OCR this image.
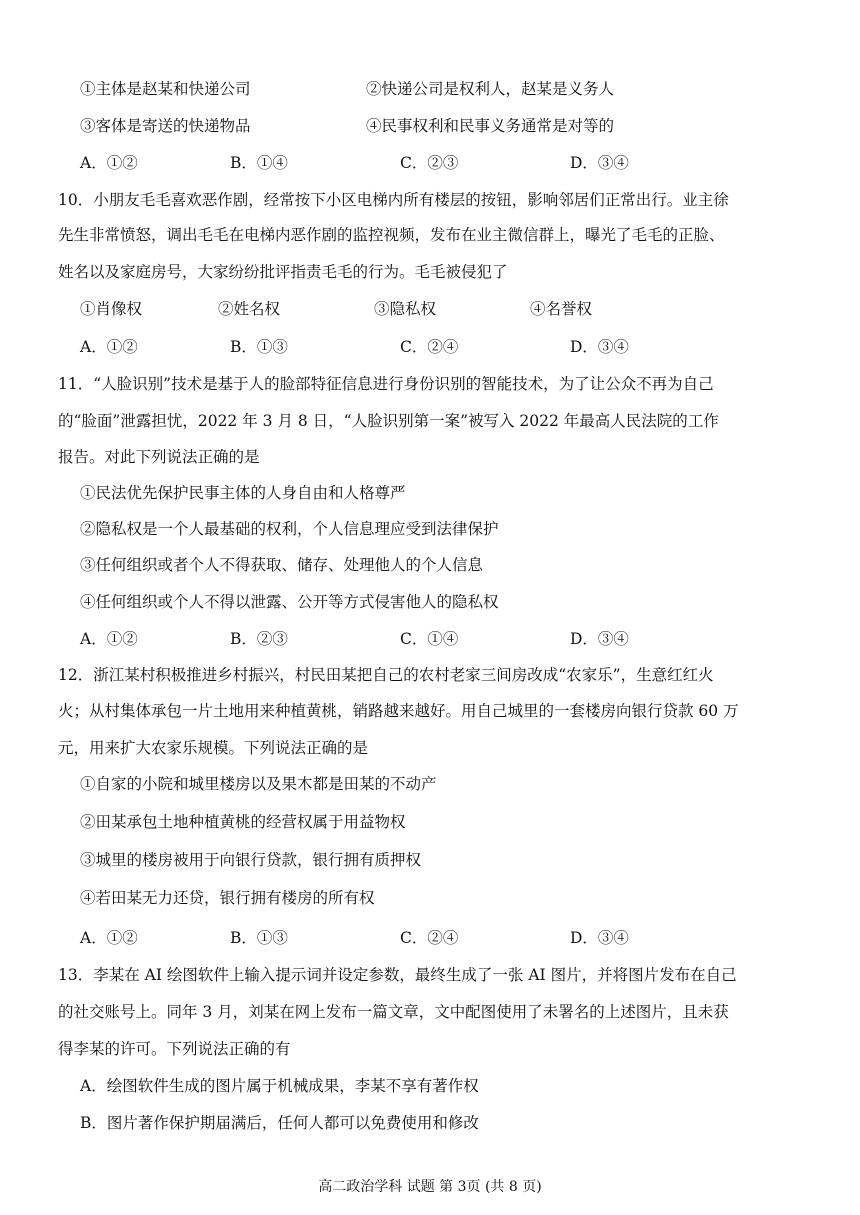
①主体是赵某和快递公司	②快递公司是权利人，赵某是义务人
③客体是寄送的快递物品	④民事权利和民事义务通常是对等的
A．①②	B．①④	C．②③	D．③④
10．小朋友毛毛喜欢恶作剧，经常按下小区电梯内所有楼层的按钮，影响邻居们正常出行。业主徐
先生非常愤怒，调出毛毛在电梯内恶作剧的监控视频，发布在业主微信群上，曝光了毛毛的正脸、
姓名以及家庭房号，大家纷纷批评指责毛毛的行为。毛毛被侵犯了
①肖像权	②姓名权	③隐私权	④名誉权
A．①②	B．①③	C．②④	D．③④
11．“人脸识别”技术是基于人的脸部特征信息进行身份识别的智能技术，为了让公众不再为自己
的“脸面”泄露担忧，2022 年 3 月 8 日，“人脸识别第一案”被写入 2022 年最高人民法院的工作
报告。对此下列说法正确的是
①民法优先保护民事主体的人身自由和人格尊严
②隐私权是一个人最基础的权利，个人信息理应受到法律保护
③任何组织或者个人不得获取、储存、处理他人的个人信息
④任何组织或个人不得以泄露、公开等方式侵害他人的隐私权
A．①②	B．②③	C．①④	D．③④
12．浙江某村积极推进乡村振兴，村民田某把自己的农村老家三间房改成“农家乐”，生意红红火
火；从村集体承包一片土地用来种植黄桃，销路越来越好。用自己城里的一套楼房向银行贷款 60 万
元，用来扩大农家乐规模。下列说法正确的是
①自家的小院和城里楼房以及果木都是田某的不动产
②田某承包土地种植黄桃的经营权属于用益物权
③城里的楼房被用于向银行贷款，银行拥有质押权
④若田某无力还贷，银行拥有楼房的所有权
A．①②	B．①③	C．②④	D．③④
13．李某在 AI 绘图软件上输入提示词并设定参数，最终生成了一张 AI 图片，并将图片发布在自己
的社交账号上。同年 3 月，刘某在网上发布一篇文章，文中配图使用了未署名的上述图片，且未获
得李某的许可。下列说法正确的有
A．绘图软件生成的图片属于机械成果，李某不享有著作权
B．图片著作保护期届满后，任何人都可以免费使用和修改
高二政治学科 试题 第 3页 (共 8 页)
